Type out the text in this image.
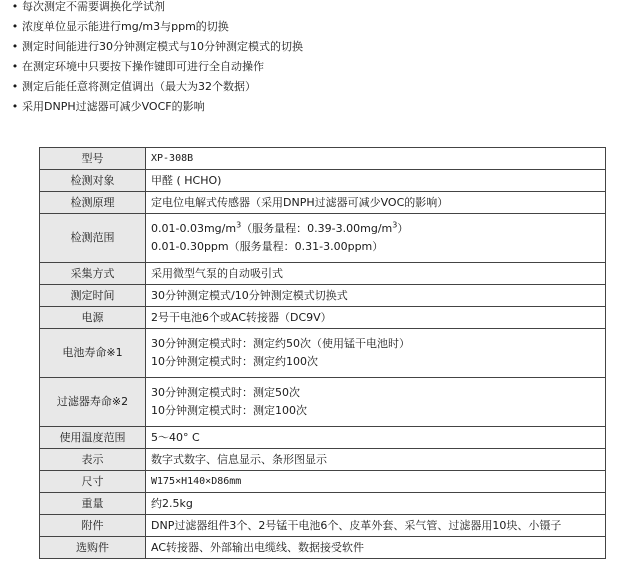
• 每次测定不需要调换化学试剂
• 浓度单位显示能进行mg/m3与ppm的切换
• 测定时间能进行30分钟测定模式与10分钟测定模式的切换
• 在测定环境中只要按下操作键即可进行全自动操作
• 测定后能任意将测定值调出（最大为32个数据）
• 采用DNPH过滤器可减少VOCF的影响
型号	XP-308B
检测对象	甲醛 ( HCHO)
检测原理	定电位电解式传感器（采用DNPH过滤器可减少VOC的影响）
检测范围	$0.01-0.03mg/m^3$（服务量程：$0.39-3.00mg/m^3$）
0.01-0.30ppm（服务量程：0.31-3.00ppm）

采集方式	采用微型气泵的自动吸引式
测定时间	30分钟测定模式/10分钟测定模式切换式
电源	2号干电池6个或AC转接器（DC9V）
电池寿命※1	30分钟测定模式时：测定约50次（使用锰干电池时）
10分钟测定模式时：测定约100次

过滤器寿命※2	30分钟测定模式时：测定50次
10分钟测定模式时：测定100次

使用温度范围	5～40° C
表示	数字式数字、信息显示、条形图显示
尺寸	W175×H140×D86mm
重量	约2.5kg
附件	DNP过滤器组件3个、2号锰干电池6个、皮革外套、采气管、过滤器用10块、小镊子
选购件	AC转接器、外部输出电缆线、数据接受软件
